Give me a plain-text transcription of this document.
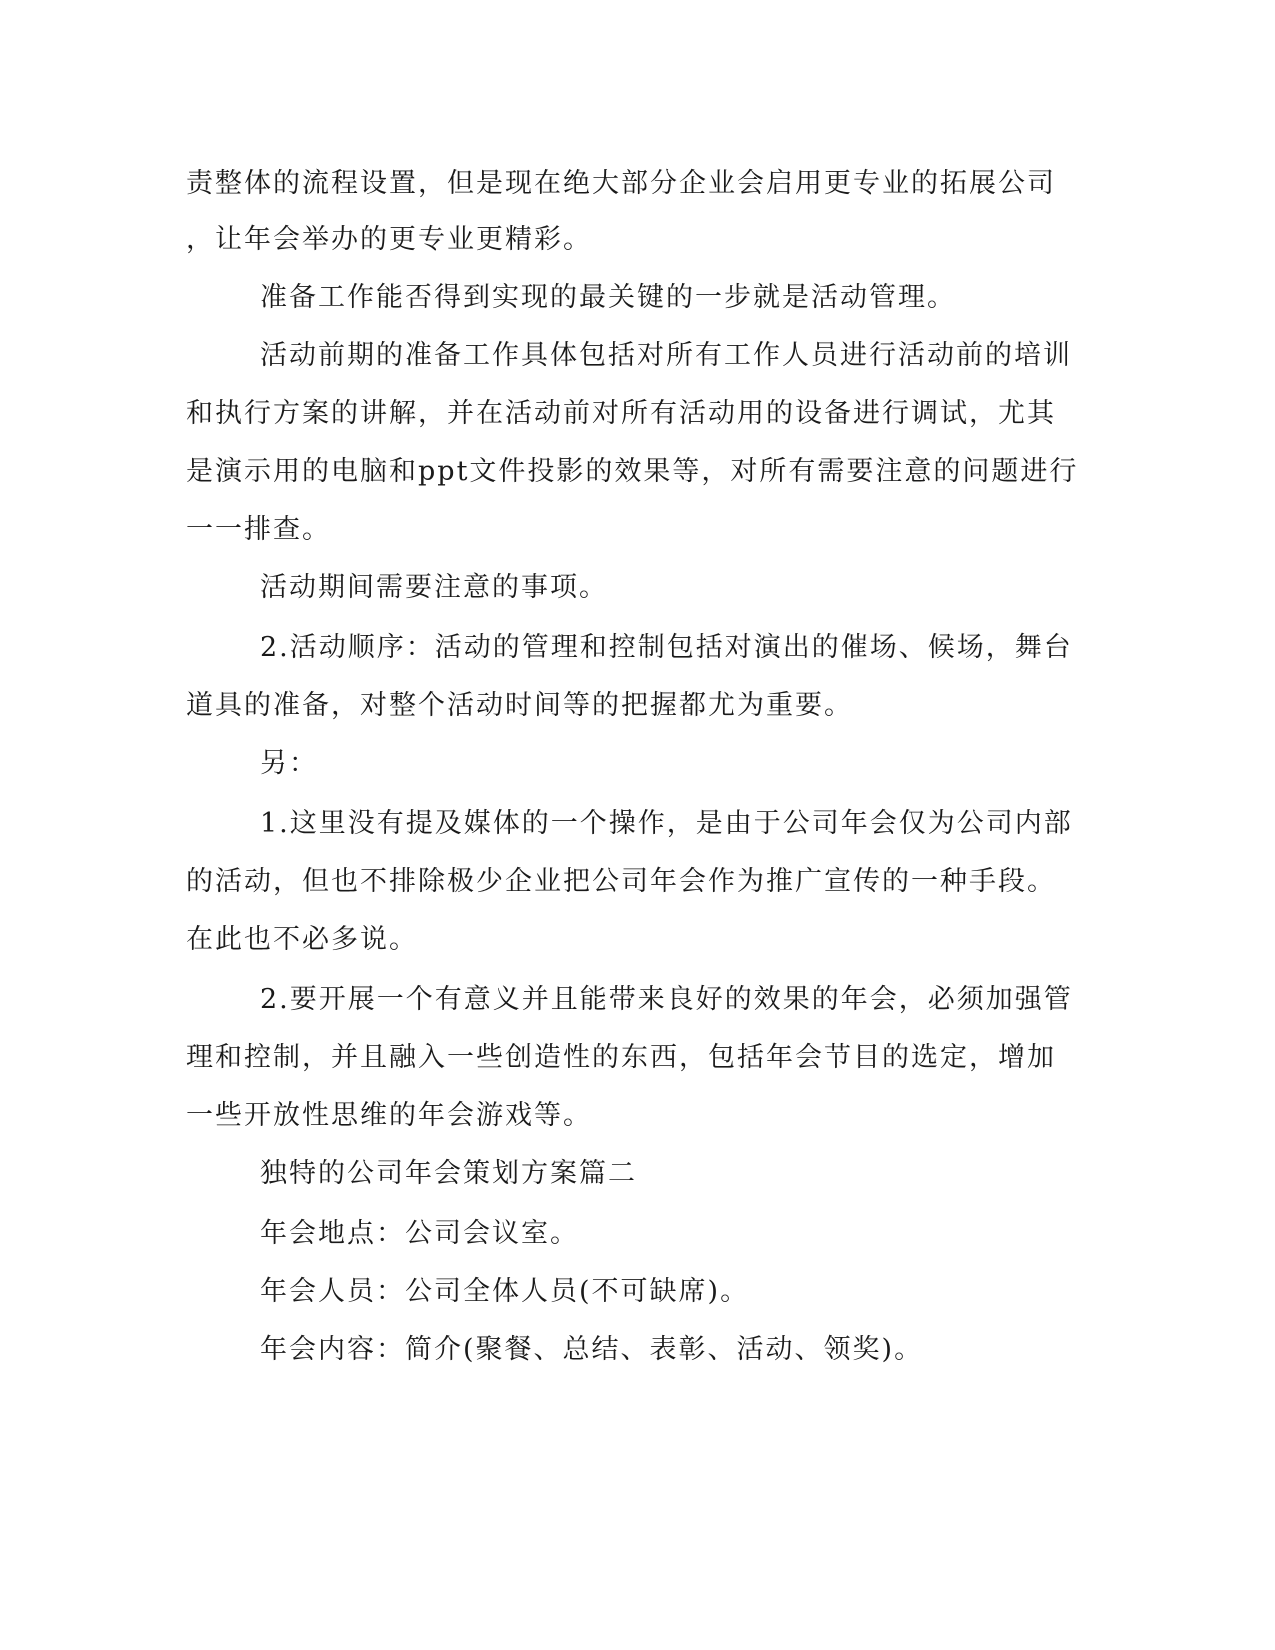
责整体的流程设置，但是现在绝大部分企业会启用更专业的拓展公司
，让年会举办的更专业更精彩。
准备工作能否得到实现的最关键的一步就是活动管理。
活动前期的准备工作具体包括对所有工作人员进行活动前的培训
和执行方案的讲解，并在活动前对所有活动用的设备进行调试，尤其
是演示用的电脑和ppt文件投影的效果等，对所有需要注意的问题进行
一一排查。
活动期间需要注意的事项。
2.活动顺序：活动的管理和控制包括对演出的催场、候场，舞台
道具的准备，对整个活动时间等的把握都尤为重要。
另：
1.这里没有提及媒体的一个操作，是由于公司年会仅为公司内部
的活动，但也不排除极少企业把公司年会作为推广宣传的一种手段。
在此也不必多说。
2.要开展一个有意义并且能带来良好的效果的年会，必须加强管
理和控制，并且融入一些创造性的东西，包括年会节目的选定，增加
一些开放性思维的年会游戏等。
独特的公司年会策划方案篇二
年会地点：公司会议室。
年会人员：公司全体人员(不可缺席)。
年会内容：简介(聚餐、总结、表彰、活动、领奖)。
